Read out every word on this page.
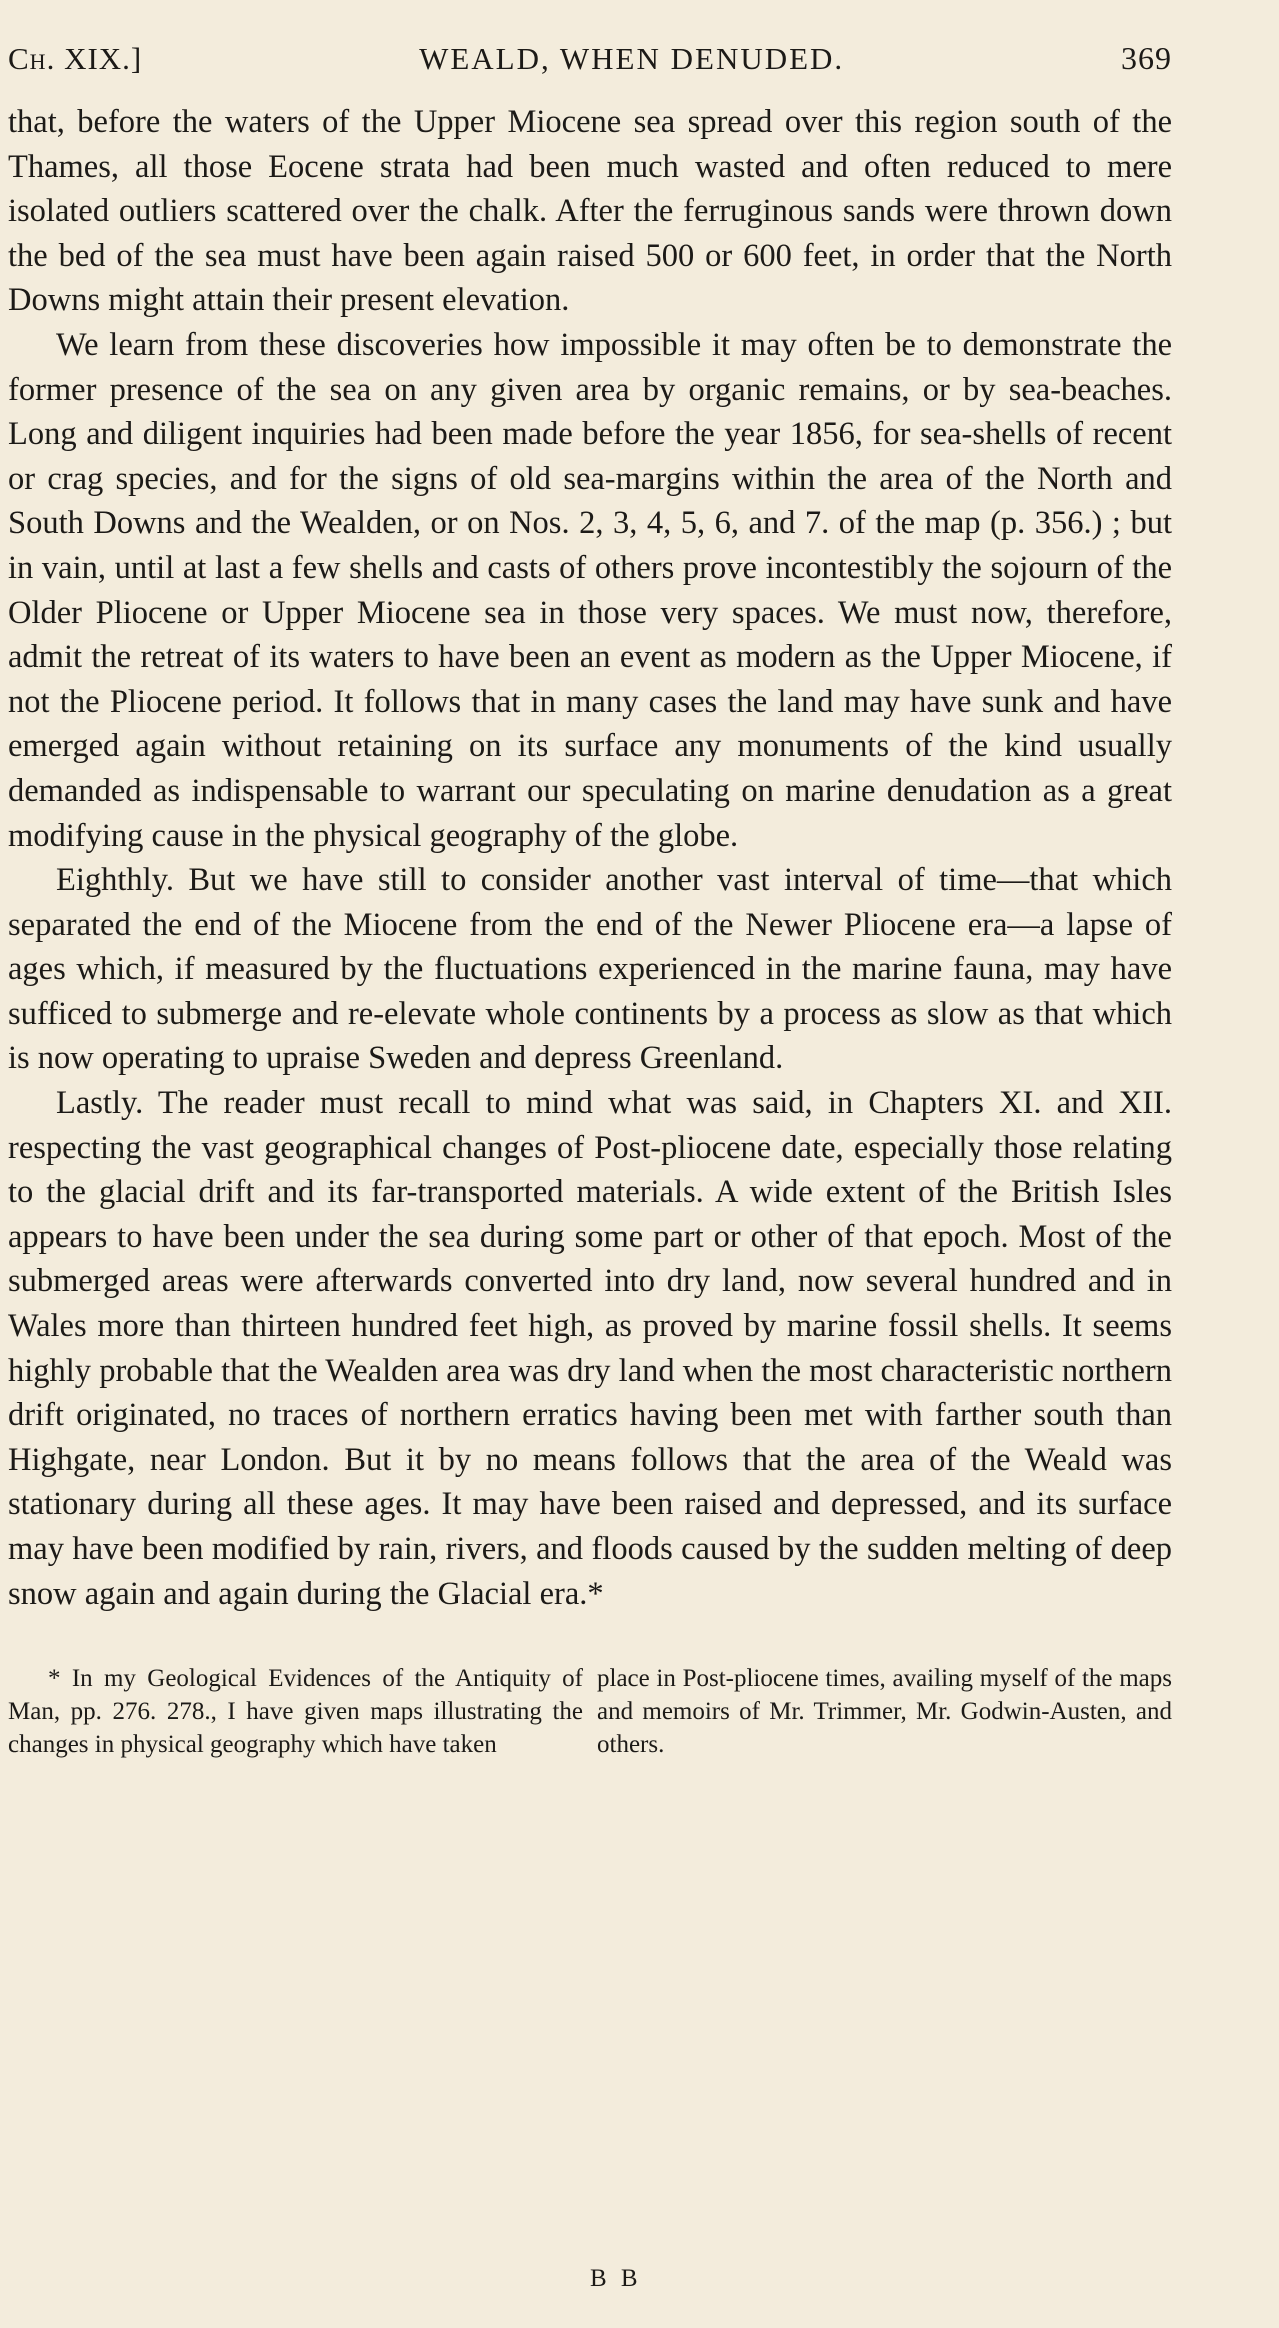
Ch. XIX.]	WEALD, WHEN DENUDED.	369

that, before the waters of the Upper Miocene sea spread over this region south of the Thames, all those Eocene strata had been much wasted and often reduced to mere isolated outliers scattered over the chalk. After the ferruginous sands were thrown down the bed of the sea must have been again raised 500 or 600 feet, in order that the North Downs might attain their present elevation.

We learn from these discoveries how impossible it may often be to demonstrate the former presence of the sea on any given area by organic remains, or by sea-beaches. Long and diligent inquiries had been made before the year 1856, for sea-shells of recent or crag species, and for the signs of old sea-margins within the area of the North and South Downs and the Wealden, or on Nos. 2, 3, 4, 5, 6, and 7. of the map (p. 356.) ; but in vain, until at last a few shells and casts of others prove incontestibly the sojourn of the Older Pliocene or Upper Miocene sea in those very spaces. We must now, therefore, admit the retreat of its waters to have been an event as modern as the Upper Miocene, if not the Pliocene period. It follows that in many cases the land may have sunk and have emerged again without retaining on its surface any monuments of the kind usually demanded as indispensable to warrant our speculating on marine denudation as a great modifying cause in the physical geography of the globe.

Eighthly. But we have still to consider another vast interval of time—that which separated the end of the Miocene from the end of the Newer Pliocene era—a lapse of ages which, if measured by the fluctuations experienced in the marine fauna, may have sufficed to submerge and re-elevate whole continents by a process as slow as that which is now operating to upraise Sweden and depress Greenland.

Lastly. The reader must recall to mind what was said, in Chapters XI. and XII. respecting the vast geographical changes of Post-pliocene date, especially those relating to the glacial drift and its far-transported materials. A wide extent of the British Isles appears to have been under the sea during some part or other of that epoch. Most of the submerged areas were afterwards converted into dry land, now several hundred and in Wales more than thirteen hundred feet high, as proved by marine fossil shells. It seems highly probable that the Wealden area was dry land when the most characteristic northern drift originated, no traces of northern erratics having been met with farther south than Highgate, near London. But it by no means follows that the area of the Weald was stationary during all these ages. It may have been raised and depressed, and its surface may have been modified by rain, rivers, and floods caused by the sudden melting of deep snow again and again during the Glacial era.*

* In my Geological Evidences of the Antiquity of Man, pp. 276. 278., I have given maps illustrating the changes in physical geography which have taken
place in Post-pliocene times, availing myself of the maps and memoirs of Mr. Trimmer, Mr. Godwin-Austen, and others.
B B
